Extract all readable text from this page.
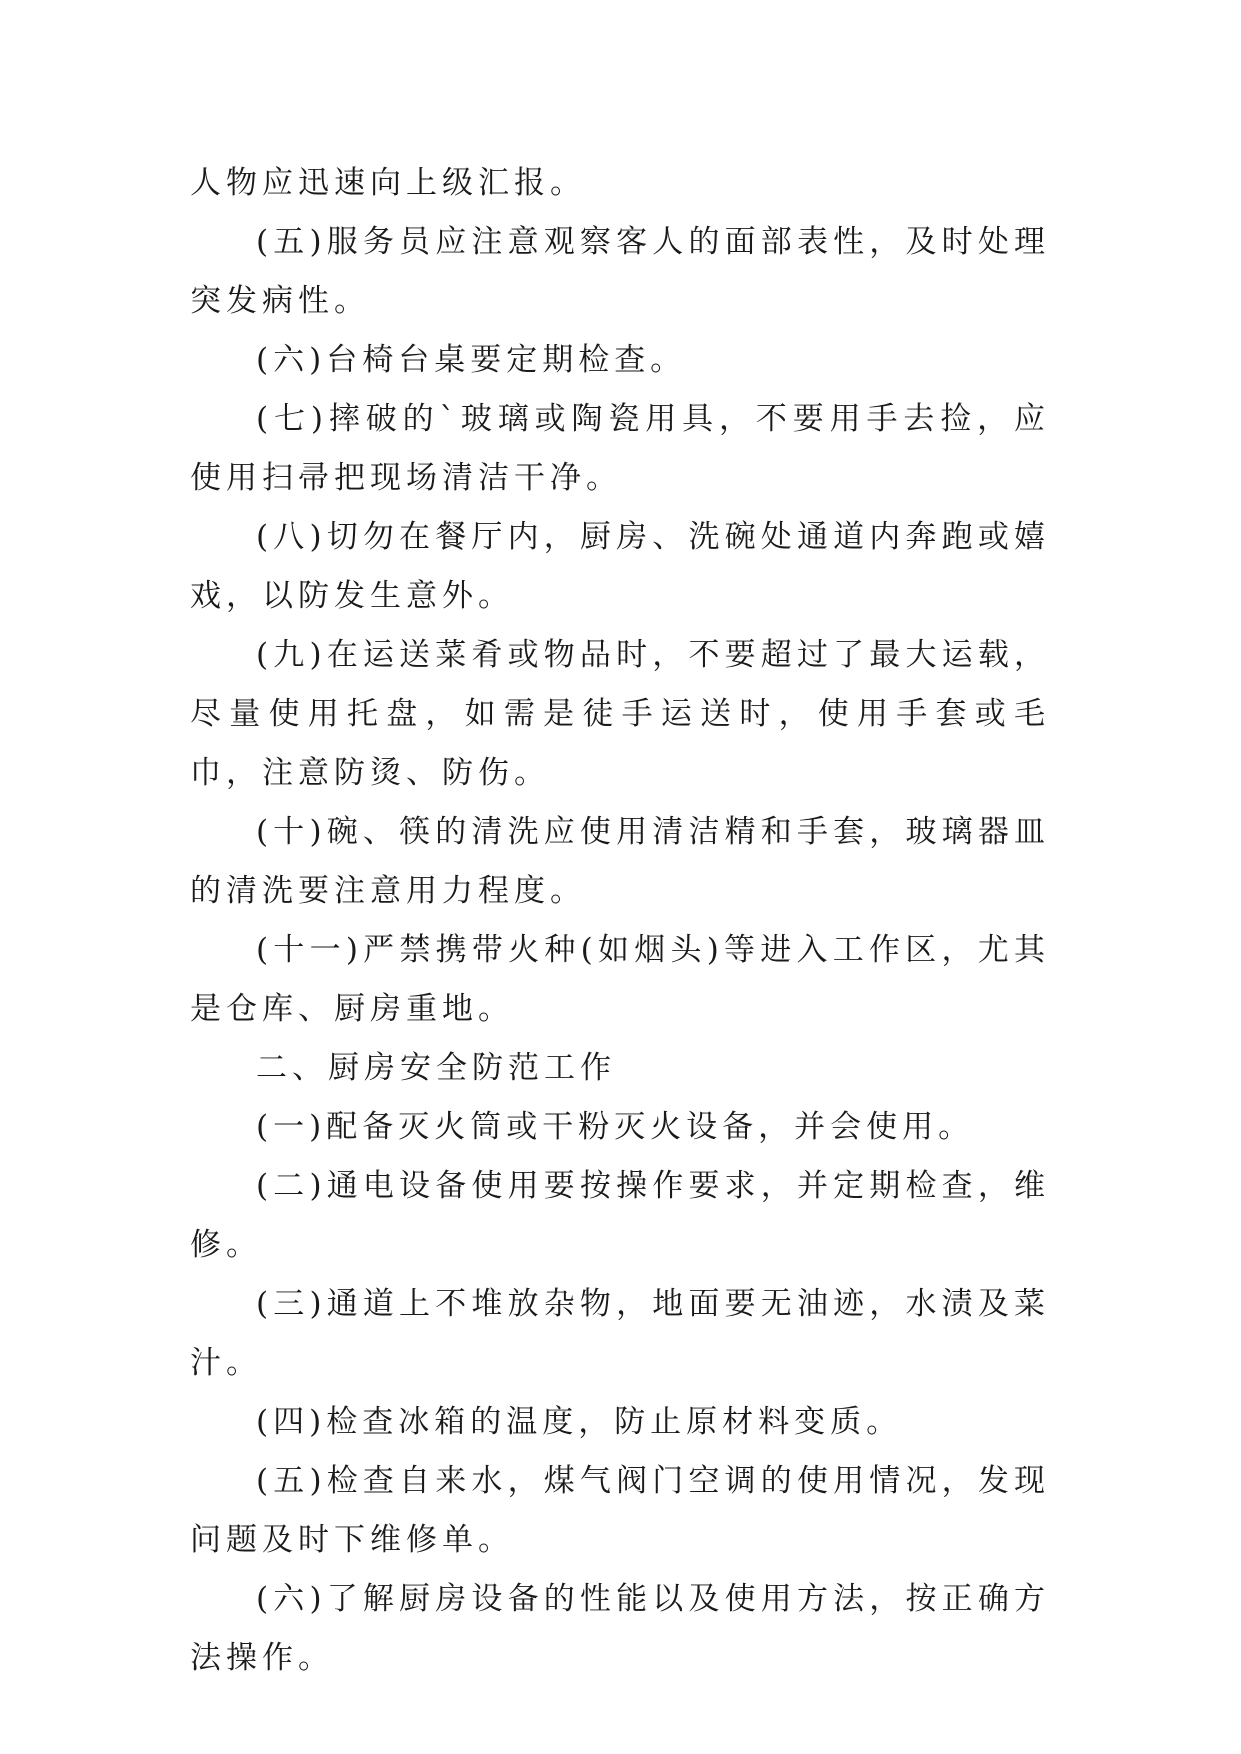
人物应迅速向上级汇报。

(五)服务员应注意观察客人的面部表性，及时处理突发病性。

(六)台椅台桌要定期检查。

(七)摔破的`玻璃或陶瓷用具，不要用手去捡，应使用扫帚把现场清洁干净。

(八)切勿在餐厅内，厨房、洗碗处通道内奔跑或嬉戏，以防发生意外。

(九)在运送菜肴或物品时，不要超过了最大运载，尽量使用托盘，如需是徒手运送时，使用手套或毛巾，注意防烫、防伤。

(十)碗、筷的清洗应使用清洁精和手套，玻璃器皿的清洗要注意用力程度。

(十一)严禁携带火种(如烟头)等进入工作区，尤其是仓库、厨房重地。

二、厨房安全防范工作

(一)配备灭火筒或干粉灭火设备，并会使用。

(二)通电设备使用要按操作要求，并定期检查，维修。

(三)通道上不堆放杂物，地面要无油迹，水渍及菜汁。

(四)检查冰箱的温度，防止原材料变质。

(五)检查自来水，煤气阀门空调的使用情况，发现问题及时下维修单。

(六)了解厨房设备的性能以及使用方法，按正确方法操作。
